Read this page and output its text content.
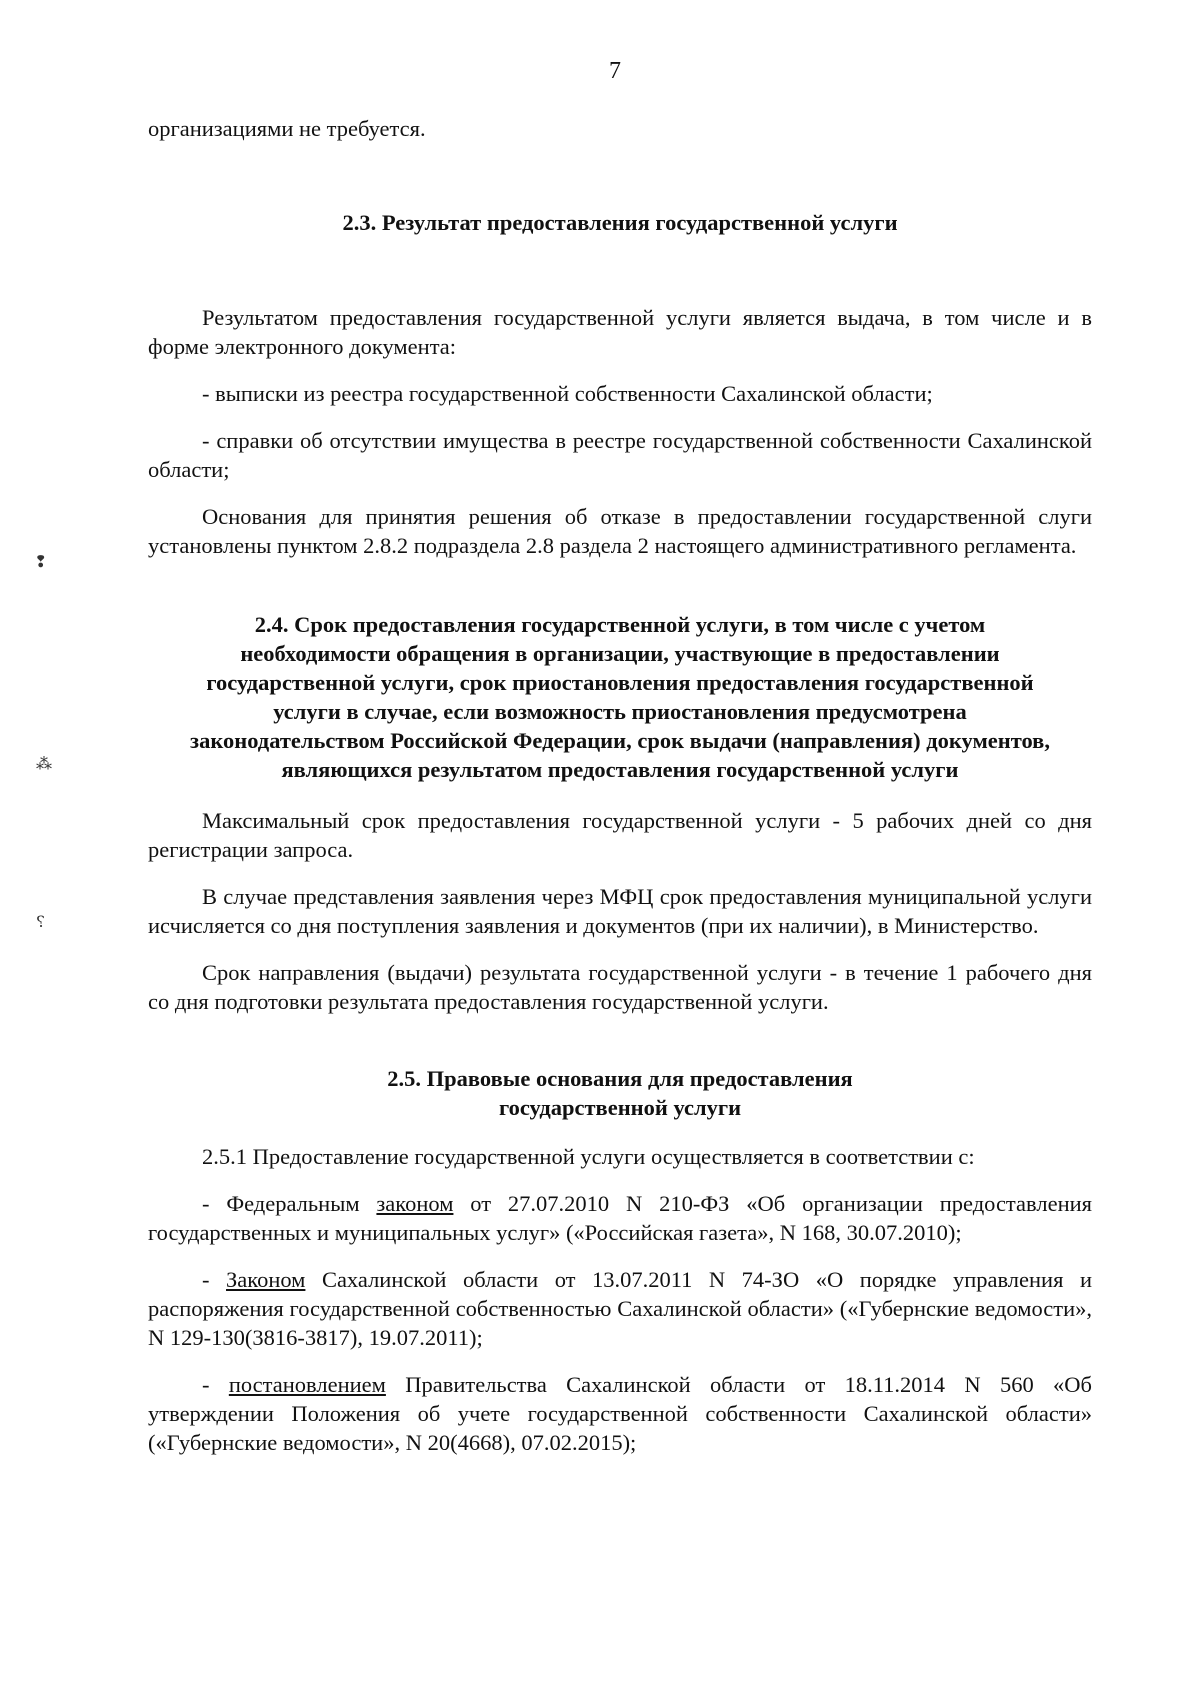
7
❢
⁂
⸮

организациями не требуется.

2.3. Результат предоставления государственной услуги

Результатом предоставления государственной услуги является выдача, в том числе и в форме электронного документа:

- выписки из реестра государственной собственности Сахалинской области;

- справки об отсутствии имущества в реестре государственной собственности Сахалинской области;

Основания для принятия решения об отказе в предоставлении государственной слуги установлены пунктом 2.8.2 подраздела 2.8 раздела 2 настоящего административного регламента.

2.4. Срок предоставления государственной услуги, в том числе с учетом

необходимости обращения в организации, участвующие в предоставлении

государственной услуги, срок приостановления предоставления государственной

услуги в случае, если возможность приостановления предусмотрена

законодательством Российской Федерации, срок выдачи (направления) документов,

являющихся результатом предоставления государственной услуги

Максимальный срок предоставления государственной услуги - 5 рабочих дней со дня регистрации запроса.

В случае представления заявления через МФЦ срок предоставления муниципальной услуги исчисляется со дня поступления заявления и документов (при их наличии), в Министерство.

Срок направления (выдачи) результата государственной услуги - в течение 1 рабочего дня со дня подготовки результата предоставления государственной услуги.

2.5. Правовые основания для предоставления

государственной услуги

2.5.1 Предоставление государственной услуги осуществляется в соответствии с:

- Федеральным законом от 27.07.2010 N 210-ФЗ «Об организации предоставления государственных и муниципальных услуг» («Российская газета», N 168, 30.07.2010);

- Законом Сахалинской области от 13.07.2011 N 74-ЗО «О порядке управления и распоряжения государственной собственностью Сахалинской области» («Губернские ведомости», N 129-130(3816-3817), 19.07.2011);

- постановлением Правительства Сахалинской области от 18.11.2014 N 560 «Об утверждении Положения об учете государственной собственности Сахалинской области» («Губернские ведомости», N 20(4668), 07.02.2015);
